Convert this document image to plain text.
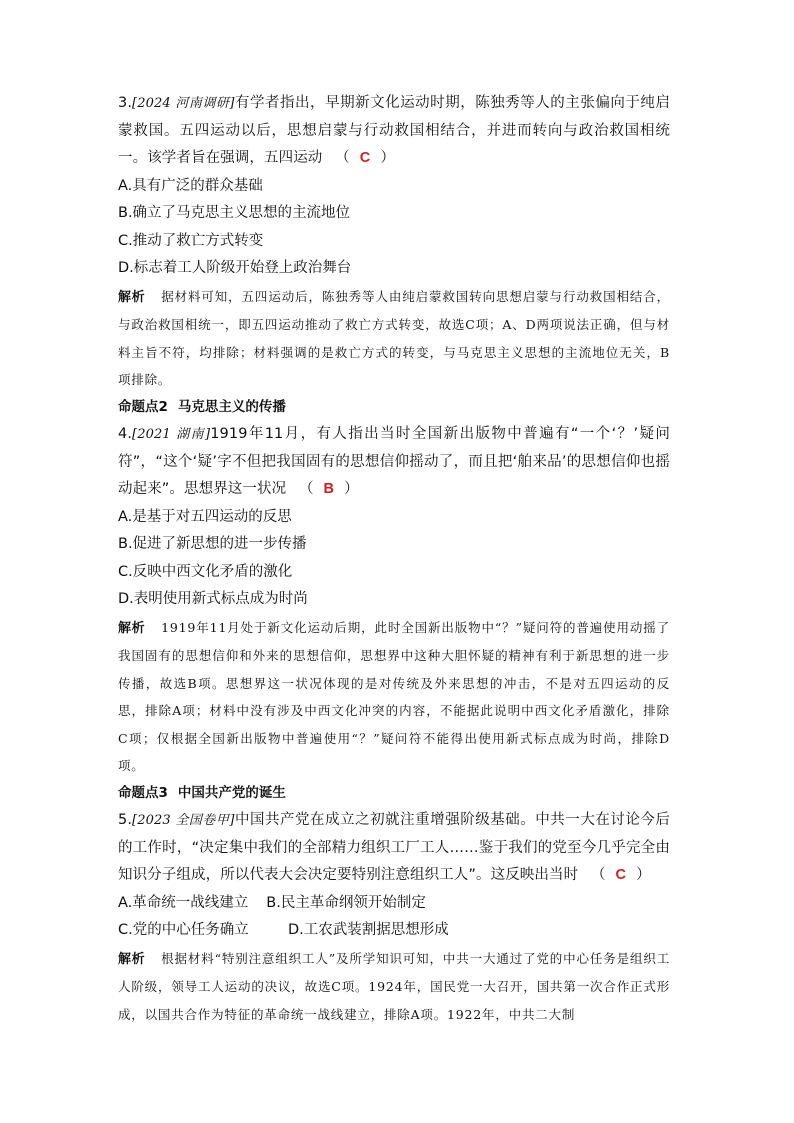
3.[2024 河南调研]有学者指出，早期新文化运动时期，陈独秀等人的主张偏向于纯启蒙救国。五四运动以后，思想启蒙与行动救国相结合，并进而转向与政治救国相统一。该学者旨在强调，五四运动 （ C ）

A.具有广泛的群众基础

B.确立了马克思主义思想的主流地位

C.推动了救亡方式转变

D.标志着工人阶级开始登上政治舞台

解析 据材料可知，五四运动后，陈独秀等人由纯启蒙救国转向思想启蒙与行动救国相结合，与政治救国相统一，即五四运动推动了救亡方式转变，故选C项；A、D两项说法正确，但与材料主旨不符，均排除；材料强调的是救亡方式的转变，与马克思主义思想的主流地位无关，B项排除。

命题点2 马克思主义的传播

4.[2021 湖南]1919年11月，有人指出当时全国新出版物中普遍有“一个‘？’疑问符”，“这个‘疑’字不但把我国固有的思想信仰摇动了，而且把‘舶来品’的思想信仰也摇动起来”。思想界这一状况 （ B ）

A.是基于对五四运动的反思

B.促进了新思想的进一步传播

C.反映中西文化矛盾的激化

D.表明使用新式标点成为时尚

解析 1919年11月处于新文化运动后期，此时全国新出版物中“？”疑问符的普遍使用动摇了我国固有的思想信仰和外来的思想信仰，思想界中这种大胆怀疑的精神有利于新思想的进一步传播，故选B项。思想界这一状况体现的是对传统及外来思想的冲击，不是对五四运动的反思，排除A项；材料中没有涉及中西文化冲突的内容，不能据此说明中西文化矛盾激化，排除C项；仅根据全国新出版物中普遍使用“？”疑问符不能得出使用新式标点成为时尚，排除D项。

命题点3 中国共产党的诞生

5.[2023 全国卷甲]中国共产党在成立之初就注重增强阶级基础。中共一大在讨论今后的工作时，“决定集中我们的全部精力组织工厂工人……鉴于我们的党至今几乎完全由知识分子组成，所以代表大会决定要特别注意组织工人”。这反映出当时 （ C ）

A.革命统一战线建立 B.民主革命纲领开始制定

C.党的中心任务确立	D.工农武装割据思想形成

解析 根据材料“特别注意组织工人”及所学知识可知，中共一大通过了党的中心任务是组织工人阶级，领导工人运动的决议，故选C项。1924年，国民党一大召开，国共第一次合作正式形成，以国共合作为特征的革命统一战线建立，排除A项。1922年，中共二大制
